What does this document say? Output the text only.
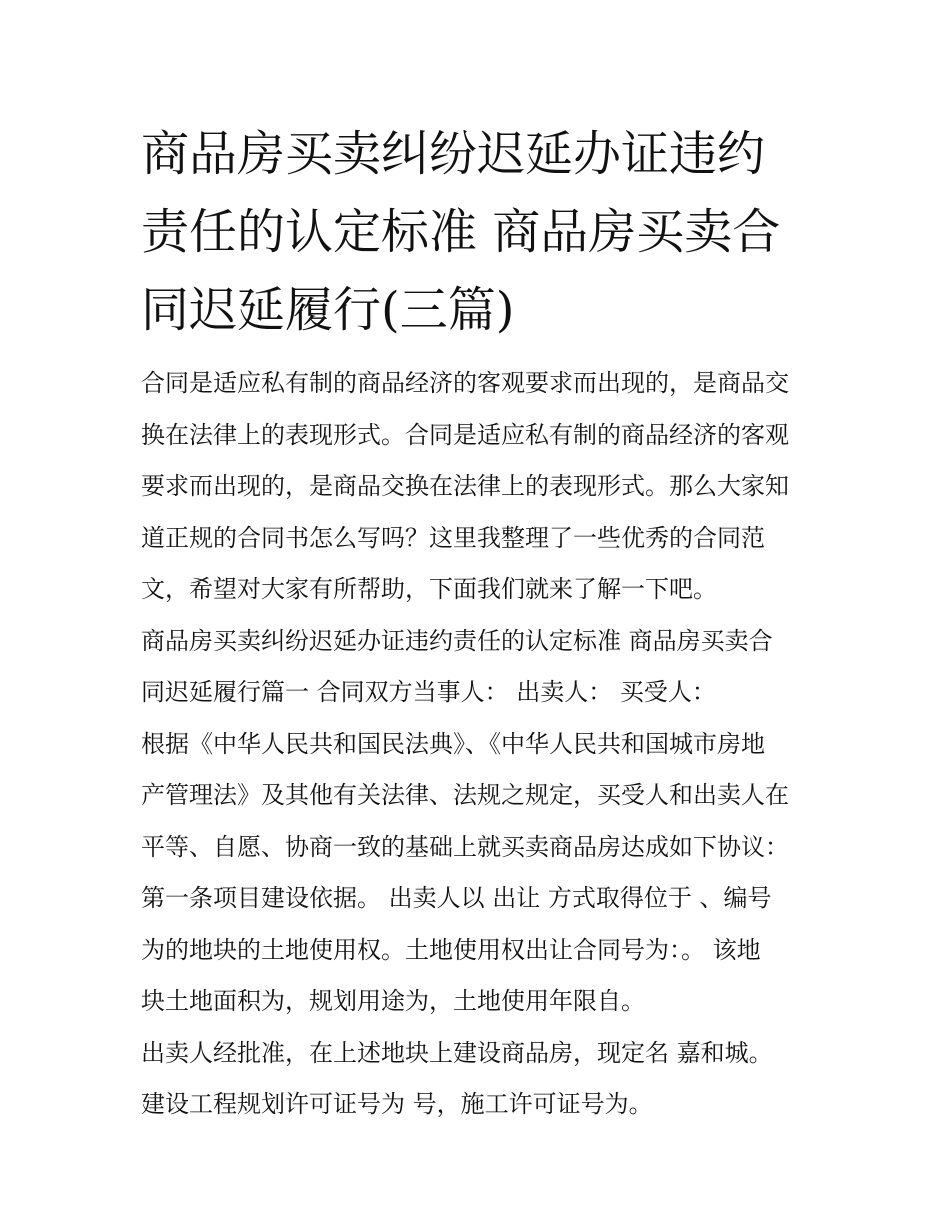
商品房买卖纠纷迟延办证违约
责任的认定标准 商品房买卖合
同迟延履行(三篇)
合同是适应私有制的商品经济的客观要求而出现的，是商品交
换在法律上的表现形式。合同是适应私有制的商品经济的客观
要求而出现的，是商品交换在法律上的表现形式。那么大家知
道正规的合同书怎么写吗？这里我整理了一些优秀的合同范
文，希望对大家有所帮助，下面我们就来了解一下吧。
商品房买卖纠纷迟延办证违约责任的认定标准 商品房买卖合
同迟延履行篇一 合同双方当事人： 出卖人： 买受人：
根据《中华人民共和国民法典》、《中华人民共和国城市房地
产管理法》及其他有关法律、法规之规定，买受人和出卖人在
平等、自愿、协商一致的基础上就买卖商品房达成如下协议：
第一条项目建设依据。 出卖人以 出让 方式取得位于 、编号
为的地块的土地使用权。土地使用权出让合同号为：。 该地
块土地面积为，规划用途为，土地使用年限自。
出卖人经批准，在上述地块上建设商品房，现定名 嘉和城。
建设工程规划许可证号为 号，施工许可证号为。
